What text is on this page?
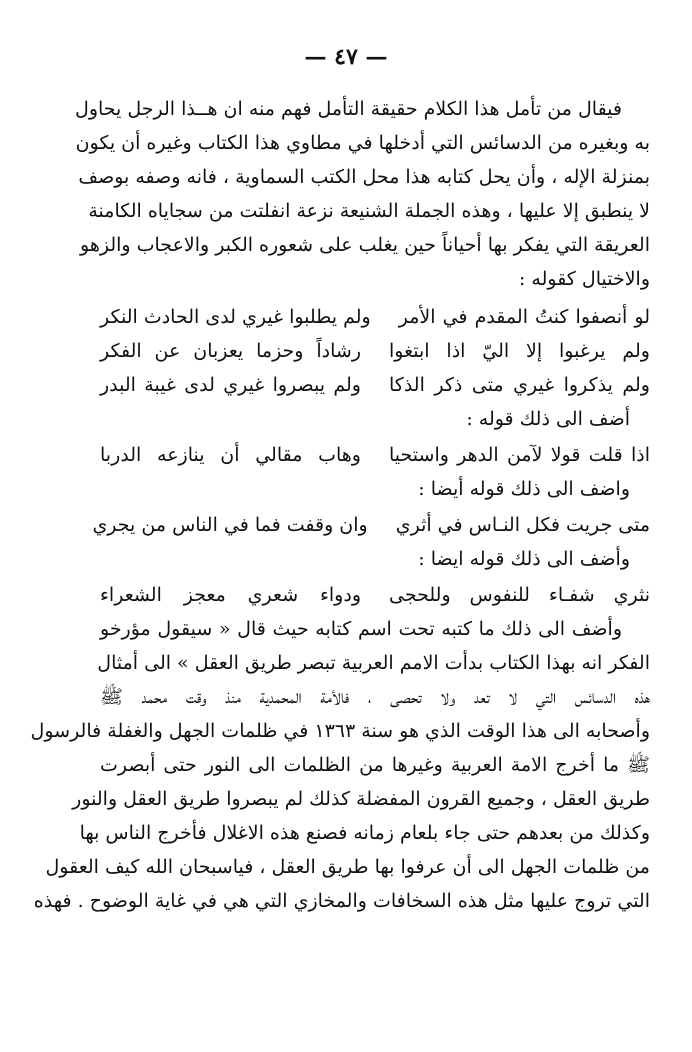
— ٤٧ —
فيقال من تأمل هذا الكلام حقيقة التأمل فهم منه ان هــذا الرجل يحاول
به وبغيره من الدسائس التي أدخلها في مطاوي هذا الكتاب وغيره أن يكون
بمنزلة الإله ، وأن يحل كتابه هذا محل الكتب السماوية ، فانه وصفه بوصف
لا ينطبق إلا عليها ، وهذه الجملة الشنيعة نزعة انفلتت من سجاياه الكامنة
العريقة التي يفكر بها أحياناً حين يغلب على شعوره الكبر والاعجاب والزهو
والاختيال كقوله :
لو أنصفوا كنتُ المقدم في الأمر
ولم يطلبوا غيري لدى الحادث النكر
ولم يرغبوا إلا اليّ اذا ابتغوا
رشاداً وحزما يعزبان عن الفكر
ولم يذكروا غيري متى ذكر الذكا
ولم يبصروا غيري لدى غيبة البدر
أضف الى ذلك قوله :
اذا قلت قولا لآمن الدهر واستحيا
وهاب مقالي أن ينازعه الدربا
واضف الى ذلك قوله أيضا :
متى جريت فكل النـاس في أثري
وان وقفت فما في الناس من يجري
وأضف الى ذلك قوله ايضا :
نثري شفـاء للنفوس وللحجى
ودواء شعري معجز الشعراء
وأضف الى ذلك ما كتبه تحت اسم كتابه حيث قال « سيقول مؤرخو
الفكر انه بهذا الكتاب بدأت الامم العربية تبصر طريق العقل » الى أمثال
هذه الدسائس التي لا تعد ولا تحصى ، فالأمة المحمدية منذ وقت محمد ﷺ
وأصحابه الى هذا الوقت الذي هو سنة ١٣٦٣ في ظلمات الجهل والغفلة فالرسول
ﷺ ما أخرج الامة العربية وغيرها من الظلمات الى النور حتى أبصرت
طريق العقل ، وجميع القرون المفضلة كذلك لم يبصروا طريق العقل والنور
وكذلك من بعدهم حتى جاء بلعام زمانه فصنع هذه الاغلال فأخرج الناس بها
من ظلمات الجهل الى أن عرفوا بها طريق العقل ، فياسبحان الله كيف العقول
التي تروج عليها مثل هذه السخافات والمخازي التي هي في غاية الوضوح . فهذه
